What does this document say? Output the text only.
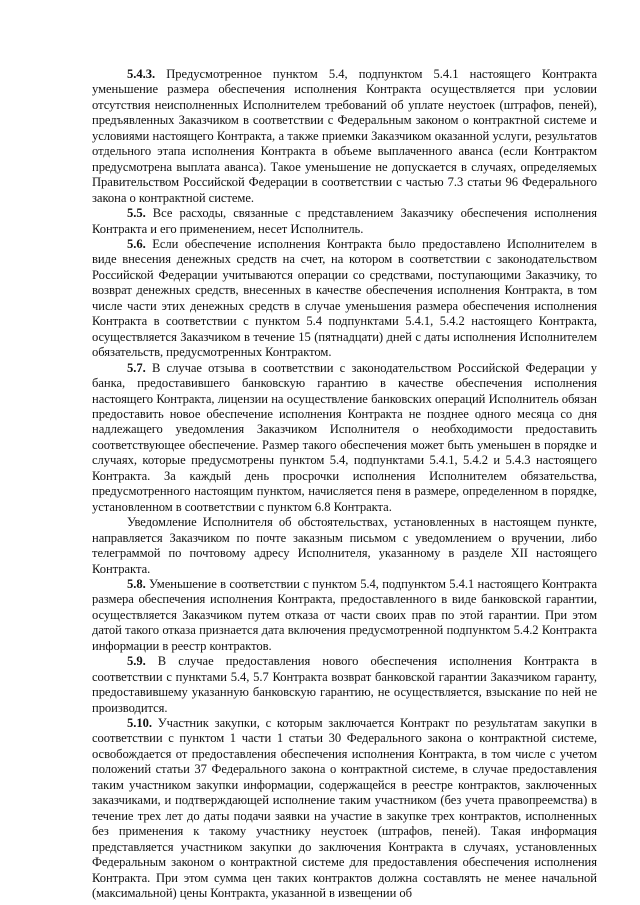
5.4.3. Предусмотренное пунктом 5.4, подпунктом 5.4.1 настоящего Контракта уменьшение размера обеспечения исполнения Контракта осуществляется при условии отсутствия неисполненных Исполнителем требований об уплате неустоек (штрафов, пеней), предъявленных Заказчиком в соответствии с Федеральным законом о контрактной системе и условиями настоящего Контракта, а также приемки Заказчиком оказанной услуги, результатов отдельного этапа исполнения Контракта в объеме выплаченного аванса (если Контрактом предусмотрена выплата аванса). Такое уменьшение не допускается в случаях, определяемых Правительством Российской Федерации в соответствии с частью 7.3 статьи 96 Федерального закона о контрактной системе.

5.5. Все расходы, связанные с представлением Заказчику обеспечения исполнения Контракта и его применением, несет Исполнитель.

5.6. Если обеспечение исполнения Контракта было предоставлено Исполнителем в виде внесения денежных средств на счет, на котором в соответствии с законодательством Российской Федерации учитываются операции со средствами, поступающими Заказчику, то возврат денежных средств, внесенных в качестве обеспечения исполнения Контракта, в том числе части этих денежных средств в случае уменьшения размера обеспечения исполнения Контракта в соответствии с пунктом 5.4 подпунктами 5.4.1, 5.4.2 настоящего Контракта, осуществляется Заказчиком в течение 15 (пятнадцати) дней с даты исполнения Исполнителем обязательств, предусмотренных Контрактом.

5.7. В случае отзыва в соответствии с законодательством Российской Федерации у банка, предоставившего банковскую гарантию в качестве обеспечения исполнения настоящего Контракта, лицензии на осуществление банковских операций Исполнитель обязан предоставить новое обеспечение исполнения Контракта не позднее одного месяца со дня надлежащего уведомления Заказчиком Исполнителя о необходимости предоставить соответствующее обеспечение. Размер такого обеспечения может быть уменьшен в порядке и случаях, которые предусмотрены пунктом 5.4, подпунктами 5.4.1, 5.4.2 и 5.4.3 настоящего Контракта. За каждый день просрочки исполнения Исполнителем обязательства, предусмотренного настоящим пунктом, начисляется пеня в размере, определенном в порядке, установленном в соответствии с пунктом 6.8 Контракта.

Уведомление Исполнителя об обстоятельствах, установленных в настоящем пункте, направляется Заказчиком по почте заказным письмом с уведомлением о вручении, либо телеграммой по почтовому адресу Исполнителя, указанному в разделе XII настоящего Контракта.

5.8. Уменьшение в соответствии с пунктом 5.4, подпунктом 5.4.1 настоящего Контракта размера обеспечения исполнения Контракта, предоставленного в виде банковской гарантии, осуществляется Заказчиком путем отказа от части своих прав по этой гарантии. При этом датой такого отказа признается дата включения предусмотренной подпунктом 5.4.2 Контракта информации в реестр контрактов.

5.9. В случае предоставления нового обеспечения исполнения Контракта в соответствии с пунктами 5.4, 5.7 Контракта возврат банковской гарантии Заказчиком гаранту, предоставившему указанную банковскую гарантию, не осуществляется, взыскание по ней не производится.

5.10. Участник закупки, с которым заключается Контракт по результатам закупки в соответствии с пунктом 1 части 1 статьи 30 Федерального закона о контрактной системе, освобождается от предоставления обеспечения исполнения Контракта, в том числе с учетом положений статьи 37 Федерального закона о контрактной системе, в случае предоставления таким участником закупки информации, содержащейся в реестре контрактов, заключенных заказчиками, и подтверждающей исполнение таким участником (без учета правопреемства) в течение трех лет до даты подачи заявки на участие в закупке трех контрактов, исполненных без применения к такому участнику неустоек (штрафов, пеней). Такая информация представляется участником закупки до заключения Контракта в случаях, установленных Федеральным законом о контрактной системе для предоставления обеспечения исполнения Контракта. При этом сумма цен таких контрактов должна составлять не менее начальной (максимальной) цены Контракта, указанной в извещении об
